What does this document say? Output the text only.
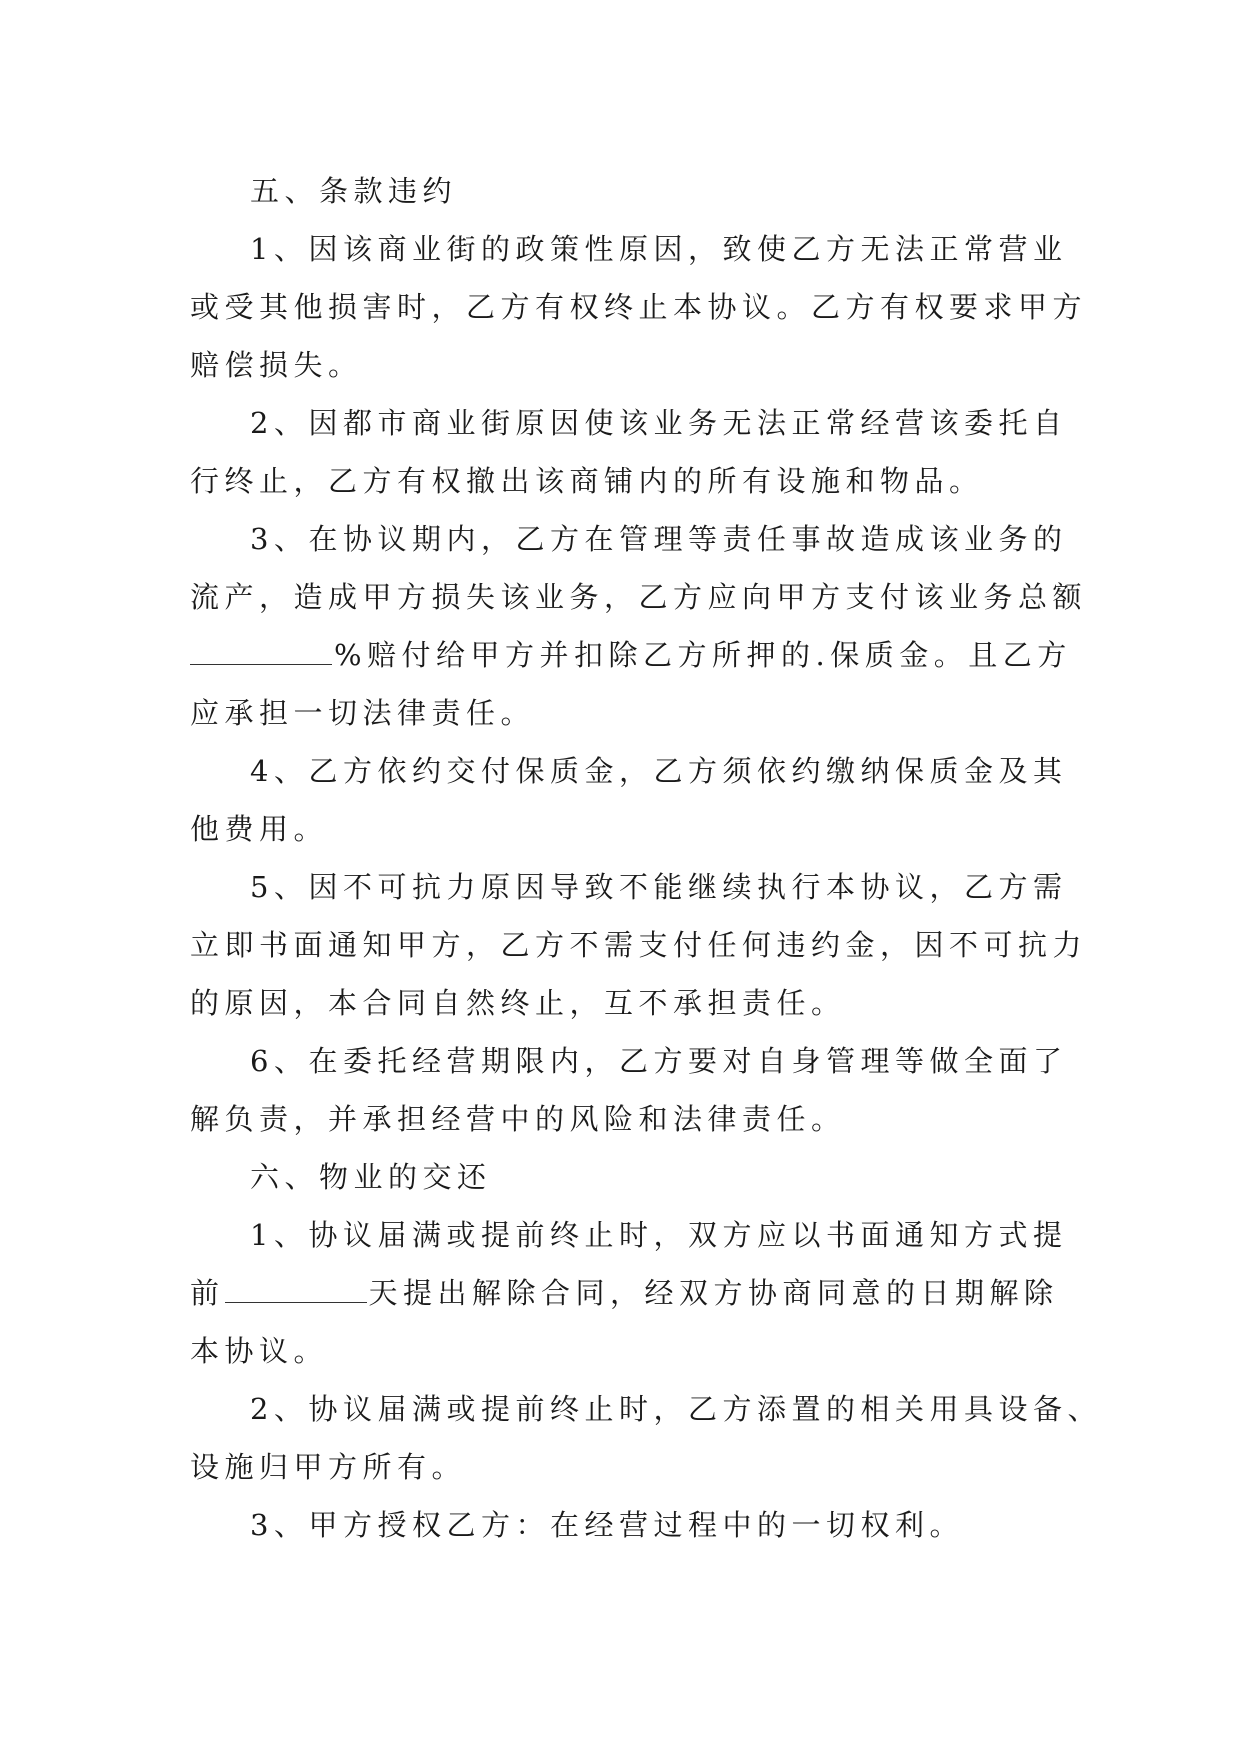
五、条款违约
1、因该商业街的政策性原因，致使乙方无法正常营业
或受其他损害时，乙方有权终止本协议。乙方有权要求甲方
赔偿损失。
2、因都市商业街原因使该业务无法正常经营该委托自
行终止，乙方有权撤出该商铺内的所有设施和物品。
3、在协议期内，乙方在管理等责任事故造成该业务的
流产，造成甲方损失该业务，乙方应向甲方支付该业务总额
%赔付给甲方并扣除乙方所押的.保质金。且乙方
应承担一切法律责任。
4、乙方依约交付保质金，乙方须依约缴纳保质金及其
他费用。
5、因不可抗力原因导致不能继续执行本协议，乙方需
立即书面通知甲方，乙方不需支付任何违约金，因不可抗力
的原因，本合同自然终止，互不承担责任。
6、在委托经营期限内，乙方要对自身管理等做全面了
解负责，并承担经营中的风险和法律责任。
六、物业的交还
1、协议届满或提前终止时，双方应以书面通知方式提
前	天提出解除合同，经双方协商同意的日期解除
本协议。
2、协议届满或提前终止时，乙方添置的相关用具设备、
设施归甲方所有。
3、甲方授权乙方：在经营过程中的一切权利。
